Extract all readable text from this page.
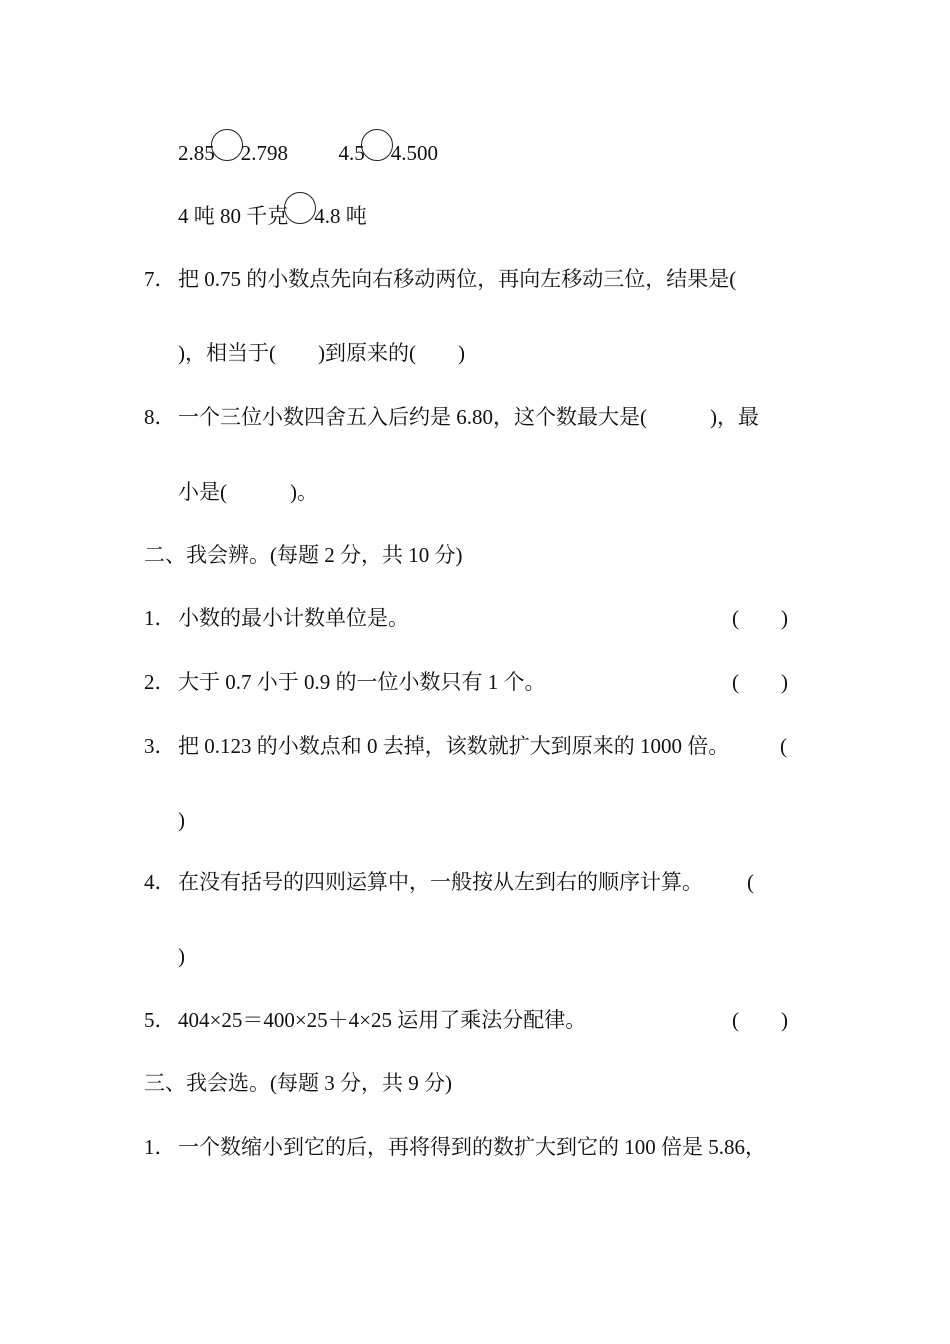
2.85 2.798 4.5 4.500
4 吨 80 千克 4.8 吨
7． 把 0.75 的小数点先向右移动两位，再向左移动三位，结果是(
)，相当于(　　)到原来的(　　)
8． 一个三位小数四舍五入后约是 6.80，这个数最大是(　　　)，最
小是(　　　)。
二、我会辨。(每题 2 分，共 10 分)
1． 小数的最小计数单位是。	(　　)
2． 大于 0.7 小于 0.9 的一位小数只有 1 个。	(　　)
3． 把 0.123 的小数点和 0 去掉，该数就扩大到原来的 1000 倍。 (
)
4． 在没有括号的四则运算中，一般按从左到右的顺序计算。 (
)
5． 404×25＝400×25＋4×25 运用了乘法分配律。	(　　)
三、我会选。(每题 3 分，共 9 分)
1． 一个数缩小到它的后，再将得到的数扩大到它的 100 倍是 5.86，
